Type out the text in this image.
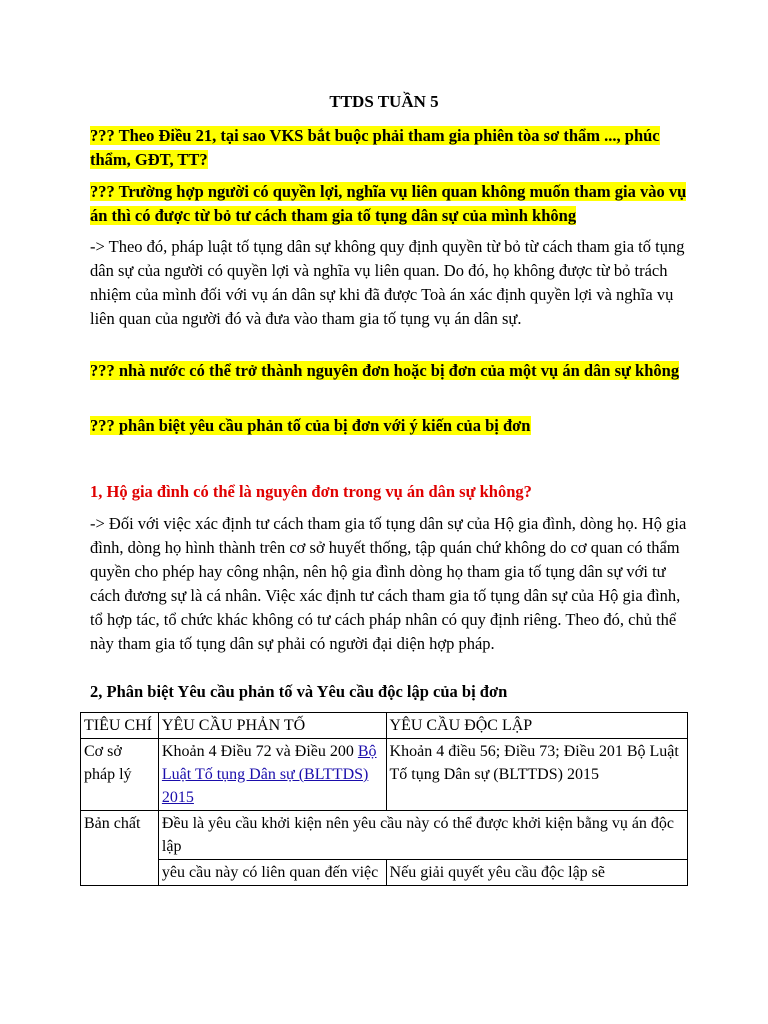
TTDS TUẦN 5
??? Theo Điều 21, tại sao VKS bắt buộc phải tham gia phiên tòa sơ thẩm ..., phúc thẩm, GĐT, TT?
??? Trường hợp người có quyền lợi, nghĩa vụ liên quan không muốn tham gia vào vụ án thì có được từ bỏ tư cách tham gia tố tụng dân sự của mình không
-> Theo đó, pháp luật tố tụng dân sự không quy định quyền từ bỏ từ cách tham gia tố tụng dân sự của người có quyền lợi và nghĩa vụ liên quan. Do đó, họ không được từ bỏ trách nhiệm của mình đối với vụ án dân sự khi đã được Toà án xác định quyền lợi và nghĩa vụ liên quan của người đó và đưa vào tham gia tố tụng vụ án dân sự.
??? nhà nước có thể trở thành nguyên đơn hoặc bị đơn của một vụ án dân sự không
??? phân biệt yêu cầu phản tố của bị đơn với ý kiến của bị đơn
1, Hộ gia đình có thể là nguyên đơn trong vụ án dân sự không?
-> Đối với việc xác định tư cách tham gia tố tụng dân sự của Hộ gia đình, dòng họ. Hộ gia đình, dòng họ hình thành trên cơ sở huyết thống, tập quán chứ không do cơ quan có thẩm quyền cho phép hay công nhận, nên hộ gia đình dòng họ tham gia tố tụng dân sự với tư cách đương sự là cá nhân. Việc xác định tư cách tham gia tố tụng dân sự của Hộ gia đình, tổ hợp tác, tổ chức khác không có tư cách pháp nhân có quy định riêng. Theo đó, chủ thể này tham gia tố tụng dân sự phải có người đại diện hợp pháp.
2, Phân biệt Yêu cầu phản tố và Yêu cầu độc lập của bị đơn
TIÊU CHÍ	YÊU CẦU PHẢN TỐ	YÊU CẦU ĐỘC LẬP
Cơ sở pháp lý	Khoản 4 Điều 72 và Điều 200 Bộ Luật Tố tụng Dân sự (BLTTDS) 2015	Khoản 4 điều 56; Điều 73; Điều 201 Bộ Luật Tố tụng Dân sự (BLTTDS) 2015
Bản chất	Đều là yêu cầu khởi kiện nên yêu cầu này có thể được khởi kiện bằng vụ án độc lập	
	yêu cầu này có liên quan đến việc	Nếu giải quyết yêu cầu độc lập sẽ
